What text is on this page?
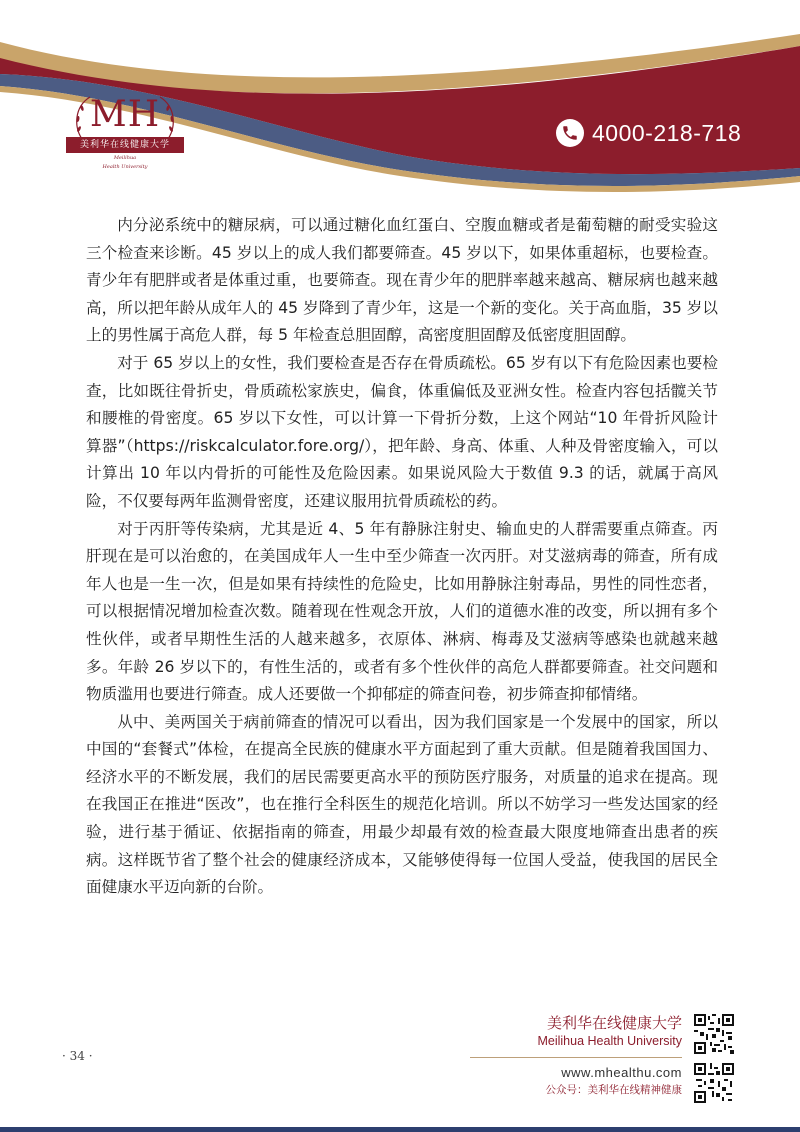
MH
美利华在线健康大学
Meilihua
Health University
4000-218-718

内分泌系统中的糖尿病，可以通过糖化血红蛋白、空腹血糖或者是葡萄糖的耐受实验这三个检查来诊断。45 岁以上的成人我们都要筛查。45 岁以下，如果体重超标，也要检查。青少年有肥胖或者是体重过重，也要筛查。现在青少年的肥胖率越来越高、糖尿病也越来越高，所以把年龄从成年人的 45 岁降到了青少年，这是一个新的变化。关于高血脂，35 岁以上的男性属于高危人群，每 5 年检查总胆固醇，高密度胆固醇及低密度胆固醇。

对于 65 岁以上的女性，我们要检查是否存在骨质疏松。65 岁有以下有危险因素也要检查，比如既往骨折史，骨质疏松家族史，偏食，体重偏低及亚洲女性。检查内容包括髋关节和腰椎的骨密度。65 岁以下女性，可以计算一下骨折分数，上这个网站“10 年骨折风险计算器”（https://riskcalculator.fore.org/），把年龄、身高、体重、人种及骨密度输入，可以计算出 10 年以内骨折的可能性及危险因素。如果说风险大于数值 9.3 的话，就属于高风险，不仅要每两年监测骨密度，还建议服用抗骨质疏松的药。

对于丙肝等传染病，尤其是近 4、5 年有静脉注射史、输血史的人群需要重点筛查。丙肝现在是可以治愈的，在美国成年人一生中至少筛查一次丙肝。对艾滋病毒的筛查，所有成年人也是一生一次，但是如果有持续性的危险史，比如用静脉注射毒品，男性的同性恋者，可以根据情况增加检查次数。随着现在性观念开放，人们的道德水准的改变，所以拥有多个性伙伴，或者早期性生活的人越来越多，衣原体、淋病、梅毒及艾滋病等感染也就越来越多。年龄 26 岁以下的，有性生活的，或者有多个性伙伴的高危人群都要筛查。社交问题和物质滥用也要进行筛查。成人还要做一个抑郁症的筛查问卷，初步筛查抑郁情绪。

从中、美两国关于病前筛查的情况可以看出，因为我们国家是一个发展中的国家，所以中国的“套餐式”体检，在提高全民族的健康水平方面起到了重大贡献。但是随着我国国力、经济水平的不断发展，我们的居民需要更高水平的预防医疗服务，对质量的追求在提高。现在我国正在推进“医改”，也在推行全科医生的规范化培训。所以不妨学习一些发达国家的经验，进行基于循证、依据指南的筛查，用最少却最有效的检查最大限度地筛查出患者的疾病。这样既节省了整个社会的健康经济成本，又能够使得每一位国人受益，使我国的居民全面健康水平迈向新的台阶。

· 34 ·
美利华在线健康大学
Meilihua Health University
www.mhealthu.com
公众号：美利华在线精神健康
